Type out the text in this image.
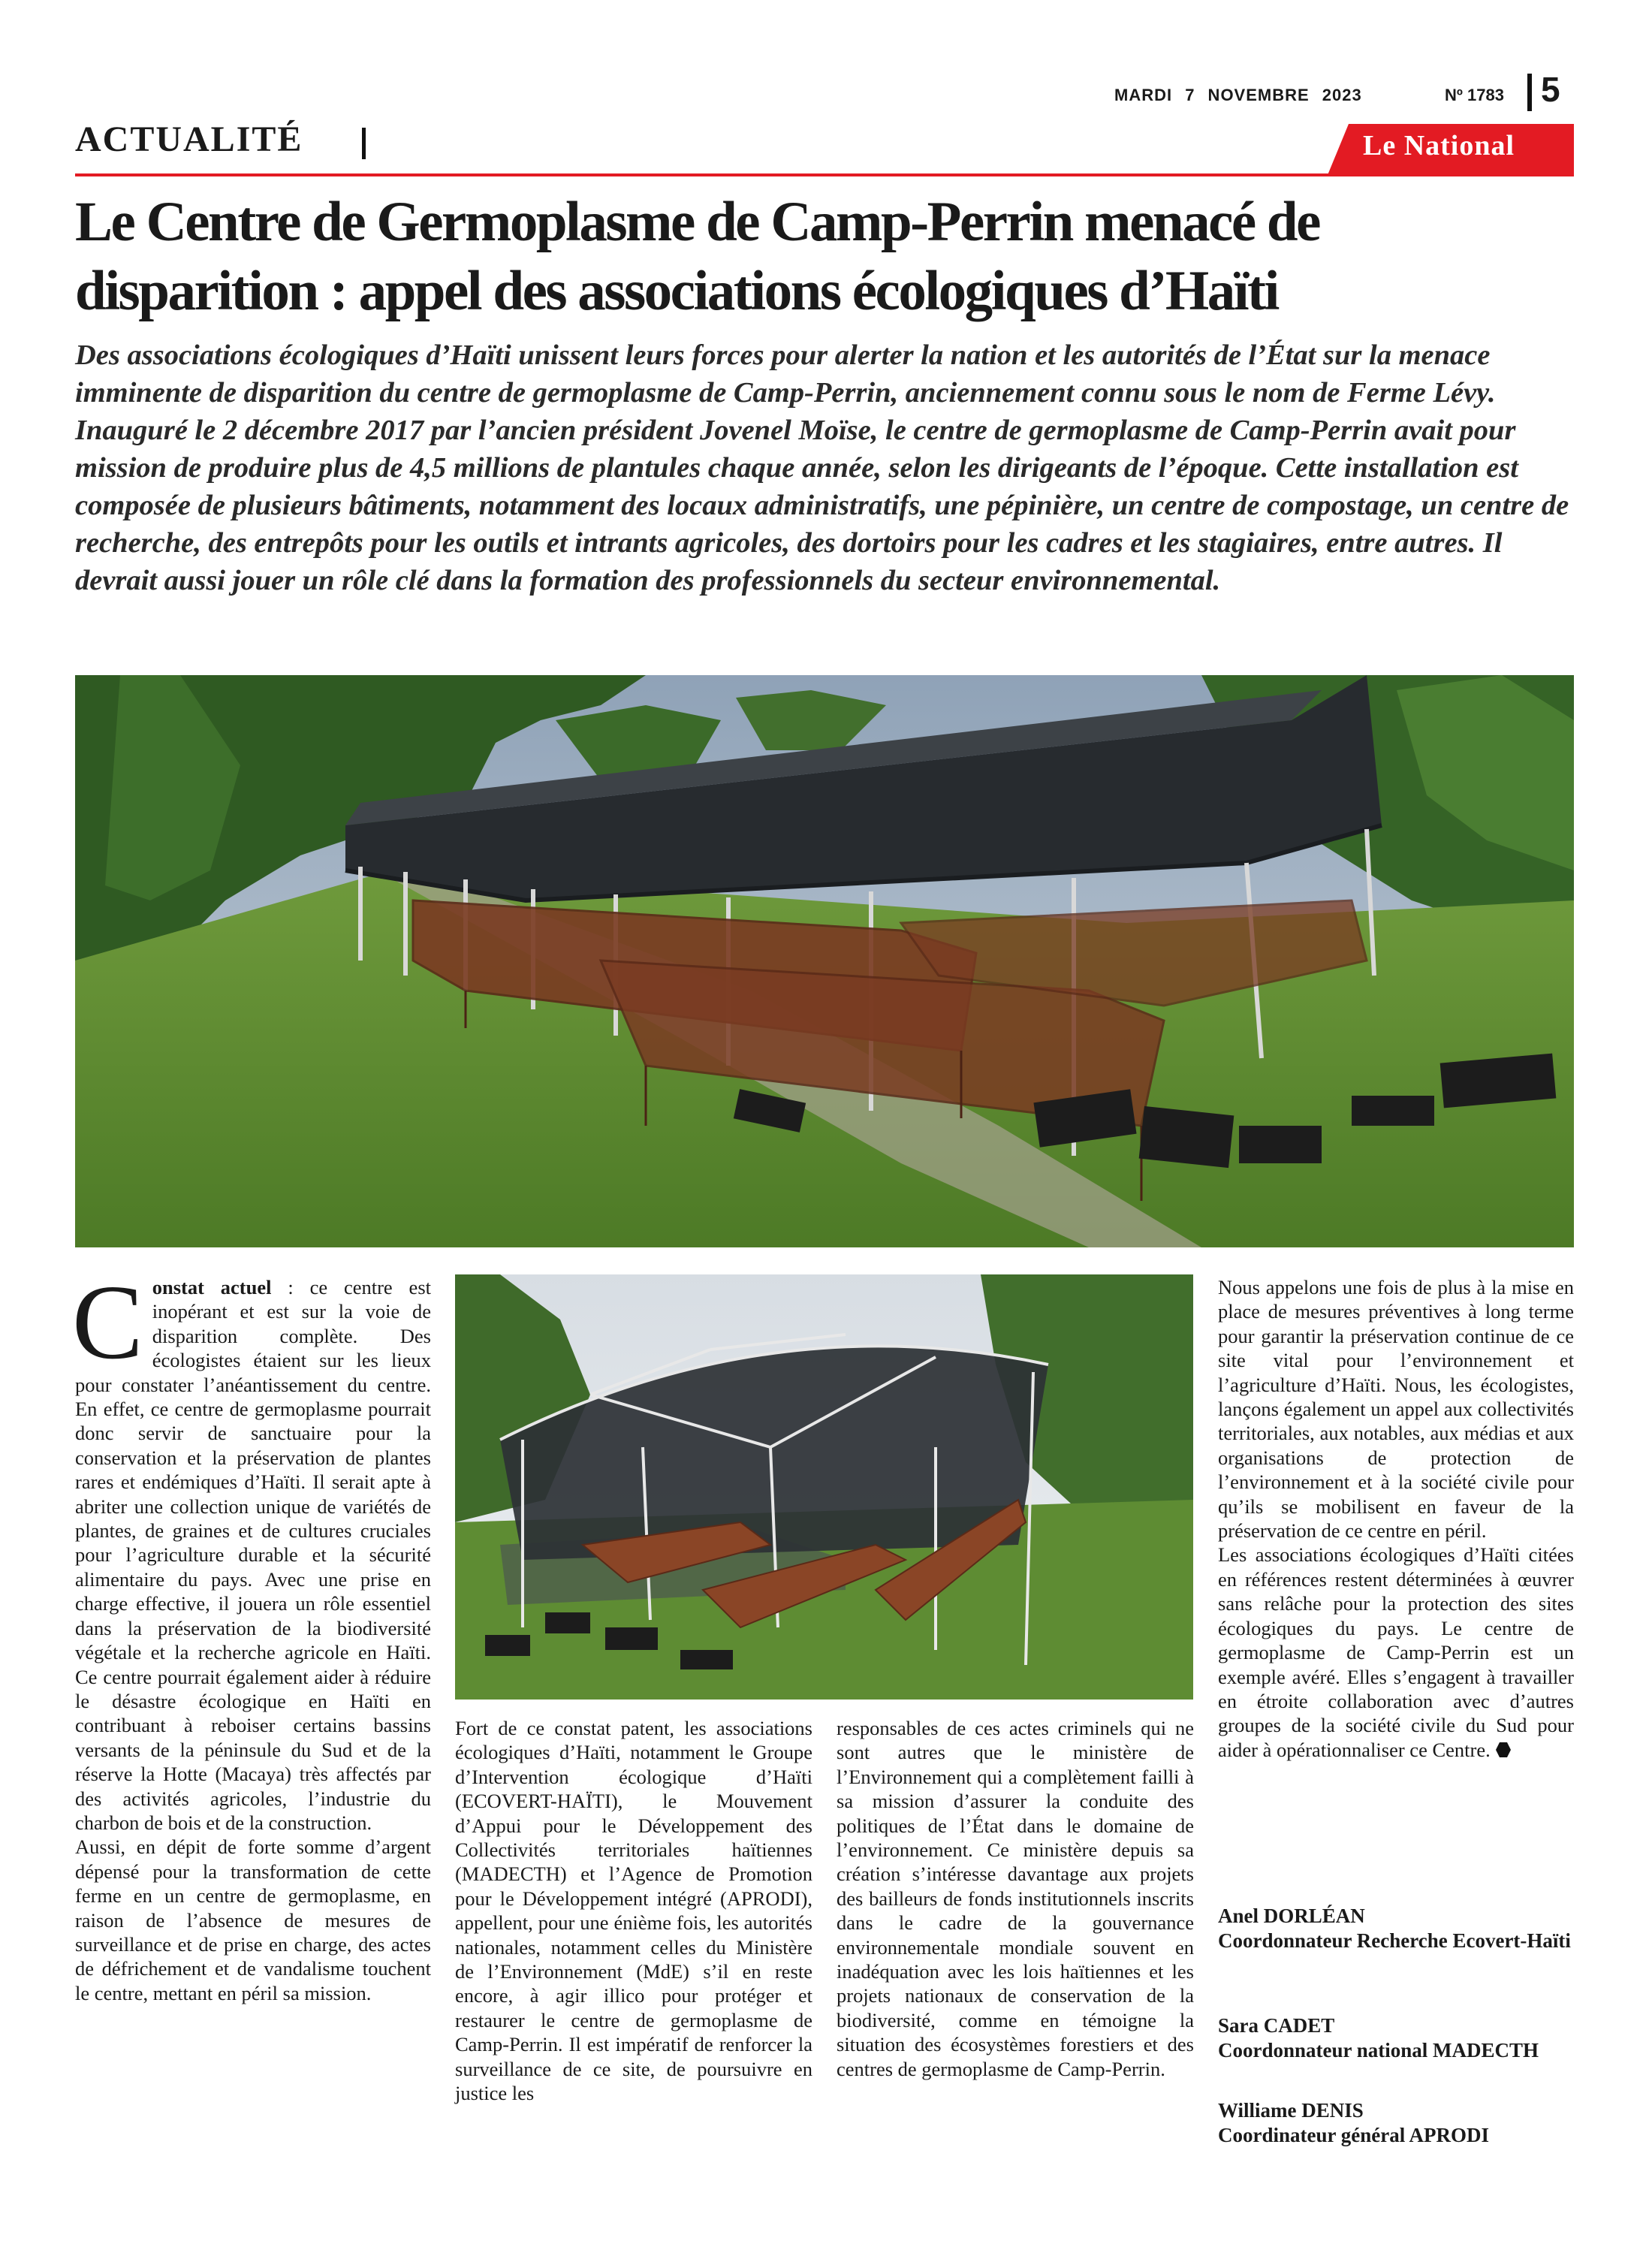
MARDI 7 NOVEMBRE 2023	Nº 1783	5
ACTUALITÉ	Le National
Le Centre de Germoplasme de Camp-Perrin menacé de disparition : appel des associations écologiques d’Haïti
Des associations écologiques d’Haïti unissent leurs forces pour alerter la nation et les autorités de l’État sur la menace imminente de disparition du centre de germoplasme de Camp-Perrin, anciennement connu sous le nom de Ferme Lévy. Inauguré le 2 décembre 2017 par l’ancien président Jovenel Moïse, le centre de germoplasme de Camp-Perrin avait pour mission de produire plus de 4,5 millions de plantules chaque année, selon les dirigeants de l’époque. Cette installation est composée de plusieurs bâtiments, notamment des locaux administratifs, une pépinière, un centre de compostage, un centre de recherche, des entrepôts pour les outils et intrants agricoles, des dortoirs pour les cadres et les stagiaires, entre autres. Il devrait aussi jouer un rôle clé dans la formation des professionnels du secteur environnemental.

Constat actuel : ce centre est inopérant et est sur la voie de disparition complète. Des écologistes étaient sur les lieux pour constater l’anéantissement du centre. En effet, ce centre de germoplasme pourrait donc servir de sanctuaire pour la conservation et la préservation de plantes rares et endémiques d’Haïti. Il serait apte à abriter une collection unique de variétés de plantes, de graines et de cultures cruciales pour l’agriculture durable et la sécurité alimentaire du pays. Avec une prise en charge effective, il jouera un rôle essentiel dans la préservation de la biodiversité végétale et la recherche agricole en Haïti. Ce centre pourrait également aider à réduire le désastre écologique en Haïti en contribuant à reboiser certains bassins versants de la péninsule du Sud et de la réserve la Hotte (Macaya) très affectés par des activités agricoles, l’industrie du charbon de bois et de la construction.

Aussi, en dépit de forte somme d’argent dépensé pour la transformation de cette ferme en un centre de germoplasme, en raison de l’absence de mesures de surveillance et de prise en charge, des actes de défrichement et de vandalisme touchent le centre, mettant en péril sa mission.

Fort de ce constat patent, les associations écologiques d’Haïti, notamment le Groupe d’Intervention écologique d’Haïti (ECOVERT-HAÏTI), le Mouvement d’Appui pour le Développement des Collectivités territoriales haïtiennes (MADECTH) et l’Agence de Promotion pour le Développement intégré (APRODI), appellent, pour une énième fois, les autorités nationales, notamment celles du Ministère de l’Environnement (MdE) s’il en reste encore, à agir illico pour protéger et restaurer le centre de germoplasme de Camp-Perrin. Il est impératif de renforcer la surveillance de ce site, de poursuivre en justice les

responsables de ces actes criminels qui ne sont autres que le ministère de l’Environnement qui a complètement failli à sa mission d’assurer la conduite des politiques de l’État dans le domaine de l’environnement. Ce ministère depuis sa création s’intéresse davantage aux projets des bailleurs de fonds institutionnels inscrits dans le cadre de la gouvernance environnementale mondiale souvent en inadéquation avec les lois haïtiennes et les projets nationaux de conservation de la biodiversité, comme en témoigne la situation des écosystèmes forestiers et des centres de germoplasme de Camp-Perrin.

Nous appelons une fois de plus à la mise en place de mesures préventives à long terme pour garantir la préservation continue de ce site vital pour l’environnement et l’agriculture d’Haïti. Nous, les écologistes, lançons également un appel aux collectivités territoriales, aux notables, aux médias et aux organisations de protection de l’environnement et à la société civile pour qu’ils se mobilisent en faveur de la préservation de ce centre en péril.

Les associations écologiques d’Haïti citées en références restent déterminées à œuvrer sans relâche pour la protection des sites écologiques du pays. Le centre de germoplasme de Camp-Perrin est un exemple avéré. Elles s’engagent à travailler en étroite collaboration avec d’autres groupes de la société civile du Sud pour aider à opérationnaliser ce Centre.

Anel DORLÉAN
Coordonnateur Recherche Ecovert-Haïti
Sara CADET
Coordonnateur national MADECTH
Williame DENIS
Coordinateur général APRODI
